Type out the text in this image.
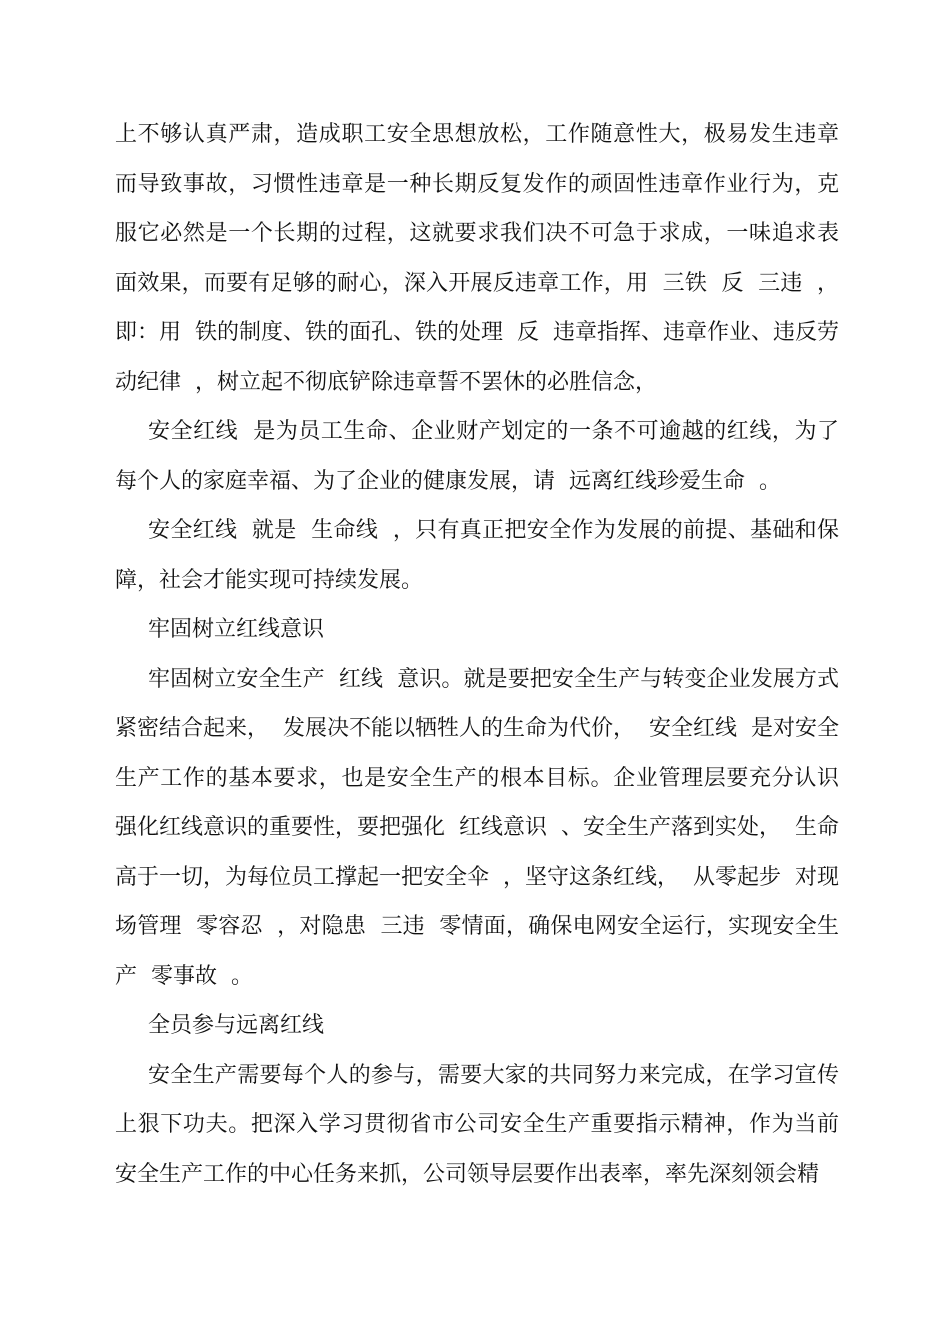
上不够认真严肃，造成职工安全思想放松，工作随意性大，极易发生违章而导致事故，习惯性违章是一种长期反复发作的顽固性违章作业行为，克服它必然是一个长期的过程，这就要求我们决不可急于求成，一味追求表面效果，而要有足够的耐心，深入开展反违章工作，用  三铁  反  三违  ，即：用  铁的制度、铁的面孔、铁的处理  反  违章指挥、违章作业、违反劳动纪律  ，树立起不彻底铲除违章誓不罢休的必胜信念，

安全红线  是为员工生命、企业财产划定的一条不可逾越的红线，为了每个人的家庭幸福、为了企业的健康发展，请  远离红线珍爱生命  。

安全红线  就是  生命线  ，只有真正把安全作为发展的前提、基础和保障，社会才能实现可持续发展。

牢固树立红线意识

牢固树立安全生产  红线  意识。就是要把安全生产与转变企业发展方式紧密结合起来，  发展决不能以牺牲人的生命为代价，  安全红线  是对安全生产工作的基本要求，也是安全生产的根本目标。企业管理层要充分认识强化红线意识的重要性，要把强化  红线意识  、安全生产落到实处，  生命高于一切，为每位员工撑起一把安全伞  ，坚守这条红线，  从零起步  对现场管理  零容忍  ，对隐患  三违  零情面，确保电网安全运行，实现安全生产  零事故  。

全员参与远离红线

安全生产需要每个人的参与，需要大家的共同努力来完成，在学习宣传上狠下功夫。把深入学习贯彻省市公司安全生产重要指示精神，作为当前安全生产工作的中心任务来抓，公司领导层要作出表率，率先深刻领会精
